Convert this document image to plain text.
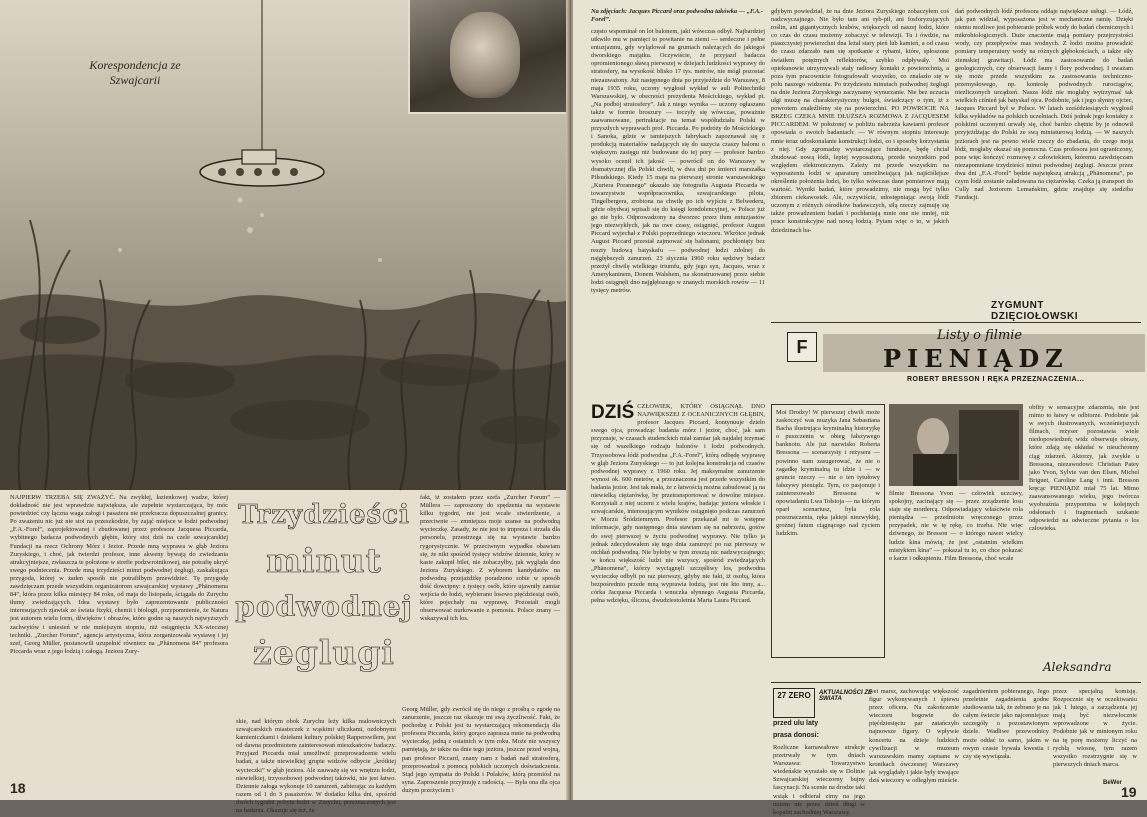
Korespondencja ze Szwajcarii
Trzydzieści
minut
podwodnej
żeglugi
NAJPIERW TRZEBA SIĘ ZWAŻYĆ. Na zwykłej, łazienkowej wadze, której dokładność nie jest wprawdzie największa, ale zupełnie wystarczająca, by móc powiedzieć czy łączna waga załogi i pasażera nie przekracza dopuszczalnej granicy. Po zważeniu nic już nie stoi na przeszkodzie, by zająć miejsce w łodzi podwodnej „F.A.-Forel”, zaprojektowanej i zbudowanej przez profesora Jacquesa Piccarda, wybitnego badacza podwodnych głębin, który stoi dziś na czele szwajcarskiej Fundacji na rzecz Ochrony Mórz i Jezior. Przede mną wyprawa w głąb Jeziora Zuryskiego, i choć, jak twierdzi profesor, inne akweny bywają do zwiedzania atrakcyjniejsze, zwłaszcza te położone w strefie podzwrotnikowej, nie potrafię ukryć swego podniecenia. Przede mną trzydzieści minut podwodnej żeglugi, zaskakująca przygoda, której w żaden sposób nie potrafiłbym przewidzieć. Tę przygodę zawdzięczam przede wszystkim organizatorom szwajcarskiej wystawy „Phänomena 84”, która przez kilka miesięcy 84 roku, od maja do listopada, ściągała do Zurychu tłumy zwiedzających. Idea wystawy było zaprezentowanie publiczności interesujących zjawisk ze świata fizyki, chemii i biologii, przypomnienie, że Natura jest autorem wielu form, dźwięków i obrazów, które godne są naszych najwyższych zachwytów i uniesień w nie mniejszym stopniu, niż osiągnięcia XX-wiecznej techniki. „Zurcher Forum”, agencja artystyczna, która zorganizowała wystawę i jej szef, Georg Müller, postanowili uzupełnić równierz na „Phänomena 84” profesora Piccarda wraz z jego łodzią i załogą. Jeziora Zury-
fakt, iż zostałem przez szefa „Zurcher Forum” — Müllera — zaproszony do spędzenia na wystawie kilku tygodni, nie jest wcale stwierdzenie, a przeciwnie — zmniejsza moje szanse na podwodną wycieczkę. Zasady, że nie jest to impreza i strzała dla personelu, przestrzega się na wystawie bardzo rygorystycznie. W przeciwnym wypadku obawiam się, że nikt spośród tysięcy widzów dziennie, który w kasie zakupił bilet, nie zobaczyłby, jak wygląda dno Jeziora Zuryskiego. Z wyborem kandydatów na podwodną przejażdżkę poradzono sobie w sposób dość dowcipny: z tysięcy osób, które ujawniły zamiar wejścia do łodzi, wybierano losowo pięćdziesiąt osób, które pojechały na wyprawę. Pozostali mogli obserwować nurkowanie z pomostu. Polsce znany — wskazywał ich los.
skie, nad którym obok Zurychu leży kilka malowniczych szwajcarskich miasteczek z wąskimi uliczkami, ozdobnymi kamieniczkami i dziełami kultury polskiej Rapperswilem, jest od dawna przedmiotem zainteresowań mieszkańców badaczy. Przyjazd Piccarda miał umożliwić przeprowadzenie wielu badań, a także niewielkiej grupie widzów odbycie „krótkiej wycieczki” w głąb jeziora. Ale zauważę się we wnętrzu łodzi, niewielkiej, trzyosobowej podwodnej takówki, nie jest łatwo. Dziennie załoga wykonuje 10 zanurzeń, zabierając za każdym razem od 1 do 3 pasażerów. W dodatku kilka dni, spośród dwóch tygodni pobytu łodzi w Zurychu, przeznaczonych jest na badania. Okazuje się też, że
Georg Müller, gdy zwrócił się do niego z prośbą o zgodę na zanurzenie, jeszcze raz okazuje mi swą życzliwość. Fakt, że pochodzę z Polski jest tu wystarczającą rekomendacją dla profesora Piccarda, który gorąco zaprasza mnie na podwodną wycieczkę, jedną z ostatnich w tym roku. Może nie wszyscy pamiętają, że także na dnie tego jeziora, jeszcze przed wojną, pan profesor Piccard, znany nam z badań nad stratosferą, przeprowadzał z pomocą polskich uczonych doświadczenia. Stąd jego sympatia do Polski i Polaków, którą przeniósł na syna. Zaproszenie przyjmuję z radością. — Była ona dla ojca dużym przeżyciem i
18
Na zdjęciach: Jacques Piccard oraz podwodna takówka — „F.A.-Forel”.
często wspominał on lot balonem, jaki wówczas odbył. Najbardziej utkwiło mu w pamięci to powitanie na ziemi — serdeczne i pełne entuzjazmu, gdy wylądował na gruntach należących do jakiegoś dworskiego majątku. Oczywiście, że przyjazd badacza opromienionego sławą pierwszej w dziejach ludzkości wyprawy do stratosfery, na wysokość blisko 17 tys. metrów, nie mógł pozostać niezauważony. Już następnego dnia po przyjeździe do Warszawy, 8 maja 1935 roku, uczony wygłosił wykład w auli Politechniki Warszawskiej, w obecności prezydenta Mościckiego, wykład pt. „Na podbój stratosfery”. Jak z niego wynika — uczony ogłaszano także w formie broszury — toczyły się wówczas, poważnie zaawansowane, pertraktacje na temat współudziału Polski w przyszłych wyprawach prof. Piccarda. Po podróży do Mościckiego i Sanoka, gdzie w tamtejszych fabrykach zapoznawał się z produkcją materiałów nadających się do uszycia czaszy balonu o większym zasięgu niż budowane do tej pory — profesor bardzo wysoko ocenił ich jakość — powrócił on do Warszawy w dramatycznej dla Polski chwili, w dwa dni po śmierci marszałka Piłsudskiego. Kiedy 15 maja na pierwszej stronie warszawskiego „Kuriera Porannego” ukazało się fotografia Augusta Piccarda w towarzystwie współpracownika, szwajcarskiego pilota, Tingelbergera, zrobiona na chwilę po ich wyjściu z Belwederu, gdzie obydwaj wpisali się do księgi kondolencyjnej, w Polsce już go nie było. Odprowadzony na dworzec przez tłum entuzjastów jego niezwykłych, jak na owe czasy, osiągnięć, profesor August Piccard wyjechał z Polski poprzedniego wieczoru. Wkrótce jednak August Piccard przestał zajmować się balonami, pochłonięty bez reszty budową batyskafu — podwodnej łodzi zdolnej do najgłębszych zanurzeń. 23 stycznia 1960 roku sędziwy badacz przeżył chwilę wielkiego triumfu, gdy jego syn, Jacques, wraz z Amerykaninem, Donem Walshem, na skonstruowanej przez siebie łodzi osiągnęli dno najgłębszego w znanych morskich rowów — 11 tysięcy metrów.
DZIŚ CZŁOWIEK, KTÓRY OSIĄGNĄŁ DNO NAJWIĘKSZEJ Z OCEANICZNYCH GŁĘBIN, profesor Jacques Piccard, kontynuuje dzieło swego ojca, prowadząc badania mórz i jezior, choć, jak sam przyznaje, w czasach studenckich miał zamiar jak najdalej trzymać się od wszelkiego rodzaju balonów i łodzi podwodnych. Trzyosobowa łódź podwodna „F.A.-Forel”, którą odbędę wyprawę w głąb Jeziora Zuryskiego — to już kolejna konstrukcja od czasów podwodnej wyprawy z 1960 roku. Jej maksymalne zanurzenie wynosi ok. 600 metrów, a przeznaczona jest przede wszystkim do badania jezior. Jest tak mała, że z łatwością można zabudować ją na niewielką ciężarówkę, by przetransportować w dowolne miejsce. Korzystali z niej uczeni z wielu krajów, badając jeziora włoskie i szwajcarskie, interesującym wyników osiągnięto podczas zanurzeń w Morzu Śródziemnym. Profesor przekazał mi te wstępne informacje, gdy następnego dnia stawiam się na nabrzeżu, gotów do swej pierwszej w życiu podwodnej wyprawy. Nie tylko ja jednak zdecydowałem się tego dnia zanurzyć po raz pierwszy w otchłań podwodną. Nie byłoby w tym zresztą nic nadzwyczajnego; w końcu większość ludzi nie wszyscy, spośród zwiedzających „Phänomena”, którzy wyciągnęli szczęśliwy los, podwodna wycieczkę odbyli po raz pierwszy, gdyby nie fakt, iż osobą, która bezpośrednio przede mną wyprawia łodzią, jest nie kto inny, a... córka Jacquesa Piccarda i wnuczka słynnego Augusta Piccarda, pełna wdzięku, śliczna, dwudziestoletnia Marta Laura Piccard.
gdybym powiedział, że na dnie Jeziora Zuryskiego zobaczyłem coś nadzwyczajnego. Nie było tam ani ryb-pił, ani fosforyzujących roślin, ani gigantycznych krabów, większych od naszej łodzi, które co czas do czasu możemy zobaczyć w telewizji. Tu i ówdzie, na piaszczystej powierzchni dna leżał stary pień lub kamień, a od czasu do czasu zdarzało nam się spotkanie z rybami, które, spłoszone światłem potężnych reflektorów, szybko odpływały. Moi opiekunowie utrzymywali stały radiowy kontakt z powierzchnią, a poza tym pracownicie fotografowali wszystko, co znalazło się w polu naszego widzenia. Po trzydziestu minutach podwodnej żeglugi na dnie Jeziora Zuryskiego zaczynamy wynurzanie. Nie bez uczucia ulgi muszę na charakterystyczny bulgot, świadczący o tym, iż z powrotem znaleźliśmy się na powierzchni. PO POWROCIE NA BRZEG CZEKA MNIE DŁUŻSZA ROZMOWA Z JACQUESEM PICCARDEM. W położonej w pobliżu nabrzeża kawiarni profesor opowiada o swoich badaniach: — W równym stopniu interesuje mnie teraz udoskonalanie konstrukcji łodzi, co i sposoby korzystania z niej. Gdy zgromadzę wystarczające fundusze, będę chciał zbudować nową łódź, lepiej wyposażoną, przede wszystkim pod względem elektronicznym. Zależy mi przede wszystkim na wyposażeniu łodzi w aparaturę umożliwiającą jak najściślejsze określenie położenia łodzi, bo tylko wówczas dane pomiarowe mają wartość. Wyniki badań, które prowadzimy, nie mogą być tylko zbiorem ciekawostek. Ale, oczywiście, udostępniając swoją łódź uczonym z różnych ośrodków badawczych, siłą rzeczy zajmuję się także prowadzeniem badań i pochłaniają mnie one nie mniej, niż prace konstrukcyjne nad nową łodzią. Pytam więc o to, w jakich dziedzinach ba-
dań podwodnych łódź profesora oddaje największe usługi. — Łódź, jak pan widział, wyposażona jest w mechaniczne ramię. Dzięki niemu możliwe jest pobieranie próbek wody do badań chemicznych i mikrobiologicznych. Duże znaczenie mają pomiary przejrzystości wody, czy przepływów mas wodnych. Z łodzi można prowadzić pomiary temperatury wody na różnych głębokościach, a także siły ziemskiej grawitacji. Łódź ma zastosowanie do badań geologicznych, czy obserwacji fauny i flory podwodnej. I uważam się może przede wszystkim za zastosowania techniczno-przemysłowego, np. kontrolę podwodnych rurociągów, niezliczonych urządzeń. Nasza łódź nie mogłaby wytrzymać tak wielkich ciśnień jak batyskaf ojca. Podobnie, jak i jego słynny ojciec, Jacques Piccard był w Polsce. W latach sześćdziesiątych wygłosił kilka wykładów na polskich uczelniach. Dziś jednak jego kontakty z polskimi uczonymi urwały się, choć bardzo chętnie by je odnowił przyjeżdżając do Polski ze swą miniaturową łodzią. — W naszych jeziorach jest na pewno wiele rzeczy do zbadania, do czego moja łódź, mogłaby okazać się pomocna. Czas profesora jest ograniczony, pora więc kończyć rozmowę z człowiekiem, któremu zawdzięczam niezapomniane trzydzieści minut podwodnej żeglugi. Jeszcze przez dwa dni „F.A.-Forel” będzie największą atrakcją „Phänomena”, po czym łódź zostanie załadowana na ciężarówkę. Czeka ją transport do Cully nad Jeziorem Lemańskim, gdzie znajduje się siedziba Fundacji.
ZYGMUNT DZIĘCIOŁOWSKI
F
Listy o filmie
PIENIĄDZ
ROBERT BRESSON I RĘKA PRZEZNACZENIA...
Moi Drodzy! W pierwszej chwili może zaskoczyć was muzyka Jana Sebastiana Bacha ilustrująca kryminalną historyjkę o puszczeniu w obieg fałszywego banknotu. Ale już nazwisko Roberta Bressona — scenarzysty i reżysera — powinno nam zasugerować, że nie o zagadkę kryminalną tu idzie i — w gruncie rzeczy — nie o ten tytułowy fałszywy pieniądz. Tym, co pasjonuje i zainteresowało Bressona w opowiadaniu Lwa Tołstoja — na którym oparł scenariusz, była rola przeznaczenia, ręka jakiejś niezwykłej, groźnej fatum ciągnącego nad życiem ludzkim.
filmie Bressona Yvon — człowiek uczciwy, spokojny, zacinający się — przez zrządzenie losu staje się mordercą. Odpowiadający właściwie rola pieniądza — przedmiotu wręczonego przez przypadek, nie w tę rękę, co trzeba. Nie więc dziwnego, że Bresson — o którego nawet wielcy ludzie kina mówią, że jest „ostatnim wielkim mistykiem kina” — pokazał tu to, co chce pokazać o karze i odkupieniu. Film Bressona, choć wcale
obfity w sensacyjne zdarzenia, nie jest mimo to łatwy w odbiorze. Podobnie jak w swych ilustrowanych, wcześniejszych filmach, reżyser pozostawia wiele niedopowiedzeń; widz obserwuje obrazy, które zdają się układać w nieuchronny ciąg zdarzeń. Aktorzy, jak zwykle u Bressona, niezawodowi: Christian Patey jako Yvon, Sylvie van den Elsen, Michel Briguet, Caroline Lang i inni. Bresson kręcąc PIENIĄDZ miał 75 lat. Mimo zaawansowanego wieku, jego twórcza wyobraźnia przypomina w kolejnych odsłonach i fragmentach szukanie odpowiedzi na odwieczne pytania o los człowieka.
Aleksandra
27 ZERO	AKTUALNOŚCI ZE ŚWIATA
przed ulu laty
prasa donosi:
Rozliczne karnawałowe atrakcje przetrwały w tym dniach Warszawa: Towarzystwo wiedeńskie wyrażało się w Dolinie Szwajcarskiej wieczorny bujny fascynacji. Na scenie na drodze taki wsiąk i odbierał zimy na jego nożem nie przez dzień długi w kopalni zachodniej Warszawy.
wet marsz, zachowując większość figur wykonywanych i śpiewu przez oficera. Na zakończenie wieczoru bogowie do pięćdziesięciu par zatańczyło najnowsze figury. O wpływie koncertu na dzieje ludzkich cywilizacji w muzeum warszawskim mamy zapisane w kronikach ówczesnej Warszawy jak wyglądały i jakie były trwające dziś wieczory w odległym mieście.
zagadnieniem pobieranego, Jego przeletnie zagadnienia godne studiowania tak, że zebrano je na całym świecie jako najcenniejsze szczegóły o pozostawionym dziele. Wadliwe przewodnicy może oddać to samo, jakim w owym czasie bywała kwestia i czy się wywiązała.
przez specjalną komisję. Rozpocznie się w oczekiwaniu jak 1 lutego, a zarządzenia jej mają być niezwłocznie wprowadzone w życie. Podobnie jak w minionym roku na tę porę możemy liczyć na rychłą wiosnę, tym razem wszystko rozstrzygnie się w pierwszych dniach marca.
BeWer
19
